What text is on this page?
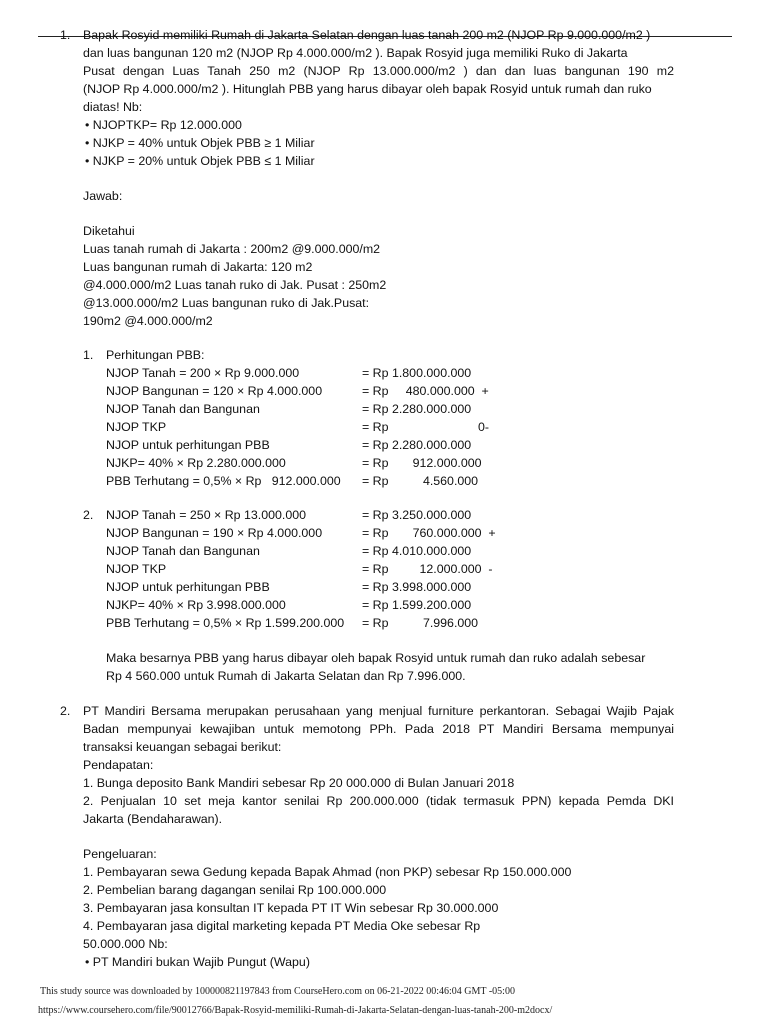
1. Bapak Rosyid memiliki Rumah di Jakarta Selatan dengan luas tanah 200 m2 (NJOP Rp 9.000.000/m2 )
dan luas bangunan 120 m2 (NJOP Rp 4.000.000/m2 ). Bapak Rosyid juga memiliki Ruko di Jakarta
Pusat dengan Luas Tanah 250 m2 (NJOP Rp 13.000.000/m2 ) dan dan luas bangunan 190 m2
(NJOP Rp 4.000.000/m2 ). Hitunglah PBB yang harus dibayar oleh bapak Rosyid untuk rumah dan ruko
diatas! Nb:
• NJOPTKP= Rp 12.000.000
• NJKP = 40% untuk Objek PBB ≥ 1 Miliar
• NJKP = 20% untuk Objek PBB ≤ 1 Miliar
Jawab:
Diketahui
Luas tanah rumah di Jakarta : 200m2 @9.000.000/m2
Luas bangunan rumah di Jakarta: 120 m2
@4.000.000/m2 Luas tanah ruko di Jak. Pusat : 250m2
@13.000.000/m2 Luas bangunan ruko di Jak.Pusat:
190m2 @4.000.000/m2
1. Perhitungan PBB:
NJOP Tanah = 200 × Rp 9.000.000	= Rp 1.800.000.000
NJOP Bangunan = 120 × Rp 4.000.000	= Rp     480.000.000  +
NJOP Tanah dan Bangunan	= Rp 2.280.000.000
NJOP TKP	= Rp                          0-
NJOP untuk perhitungan PBB	= Rp 2.280.000.000
NJKP= 40% × Rp 2.280.000.000	= Rp       912.000.000
PBB Terhutang = 0,5% × Rp   912.000.000 = Rp          4.560.000
2. NJOP Tanah = 250 × Rp 13.000.000	= Rp 3.250.000.000
NJOP Bangunan = 190 × Rp 4.000.000	= Rp       760.000.000  +
NJOP Tanah dan Bangunan	= Rp 4.010.000.000
NJOP TKP	= Rp         12.000.000  -
NJOP untuk perhitungan PBB	= Rp 3.998.000.000
NJKP= 40% × Rp 3.998.000.000	= Rp 1.599.200.000
PBB Terhutang = 0,5% × Rp 1.599.200.000 = Rp          7.996.000
Maka besarnya PBB yang harus dibayar oleh bapak Rosyid untuk rumah dan ruko adalah sebesar
Rp 4 560.000 untuk Rumah di Jakarta Selatan dan Rp 7.996.000.
2. PT Mandiri Bersama merupakan perusahaan yang menjual furniture perkantoran. Sebagai Wajib Pajak
Badan mempunyai kewajiban untuk memotong PPh. Pada 2018 PT Mandiri Bersama mempunyai
transaksi keuangan sebagai berikut:
Pendapatan:
1. Bunga deposito Bank Mandiri sebesar Rp 20 000.000 di Bulan Januari 2018
2. Penjualan 10 set meja kantor senilai Rp 200.000.000 (tidak termasuk PPN) kepada Pemda DKI
Jakarta (Bendaharawan).
Pengeluaran:
1. Pembayaran sewa Gedung kepada Bapak Ahmad (non PKP) sebesar Rp 150.000.000
2. Pembelian barang dagangan senilai Rp 100.000.000
3. Pembayaran jasa konsultan IT kepada PT IT Win sebesar Rp 30.000.000
4. Pembayaran jasa digital marketing kepada PT Media Oke sebesar Rp
50.000.000 Nb:
• PT Mandiri bukan Wajib Pungut (Wapu)
This study source was downloaded by 100000821197843 from CourseHero.com on 06-21-2022 00:46:04 GMT -05:00
https://www.coursehero.com/file/90012766/Bapak-Rosyid-memiliki-Rumah-di-Jakarta-Selatan-dengan-luas-tanah-200-m2docx/
